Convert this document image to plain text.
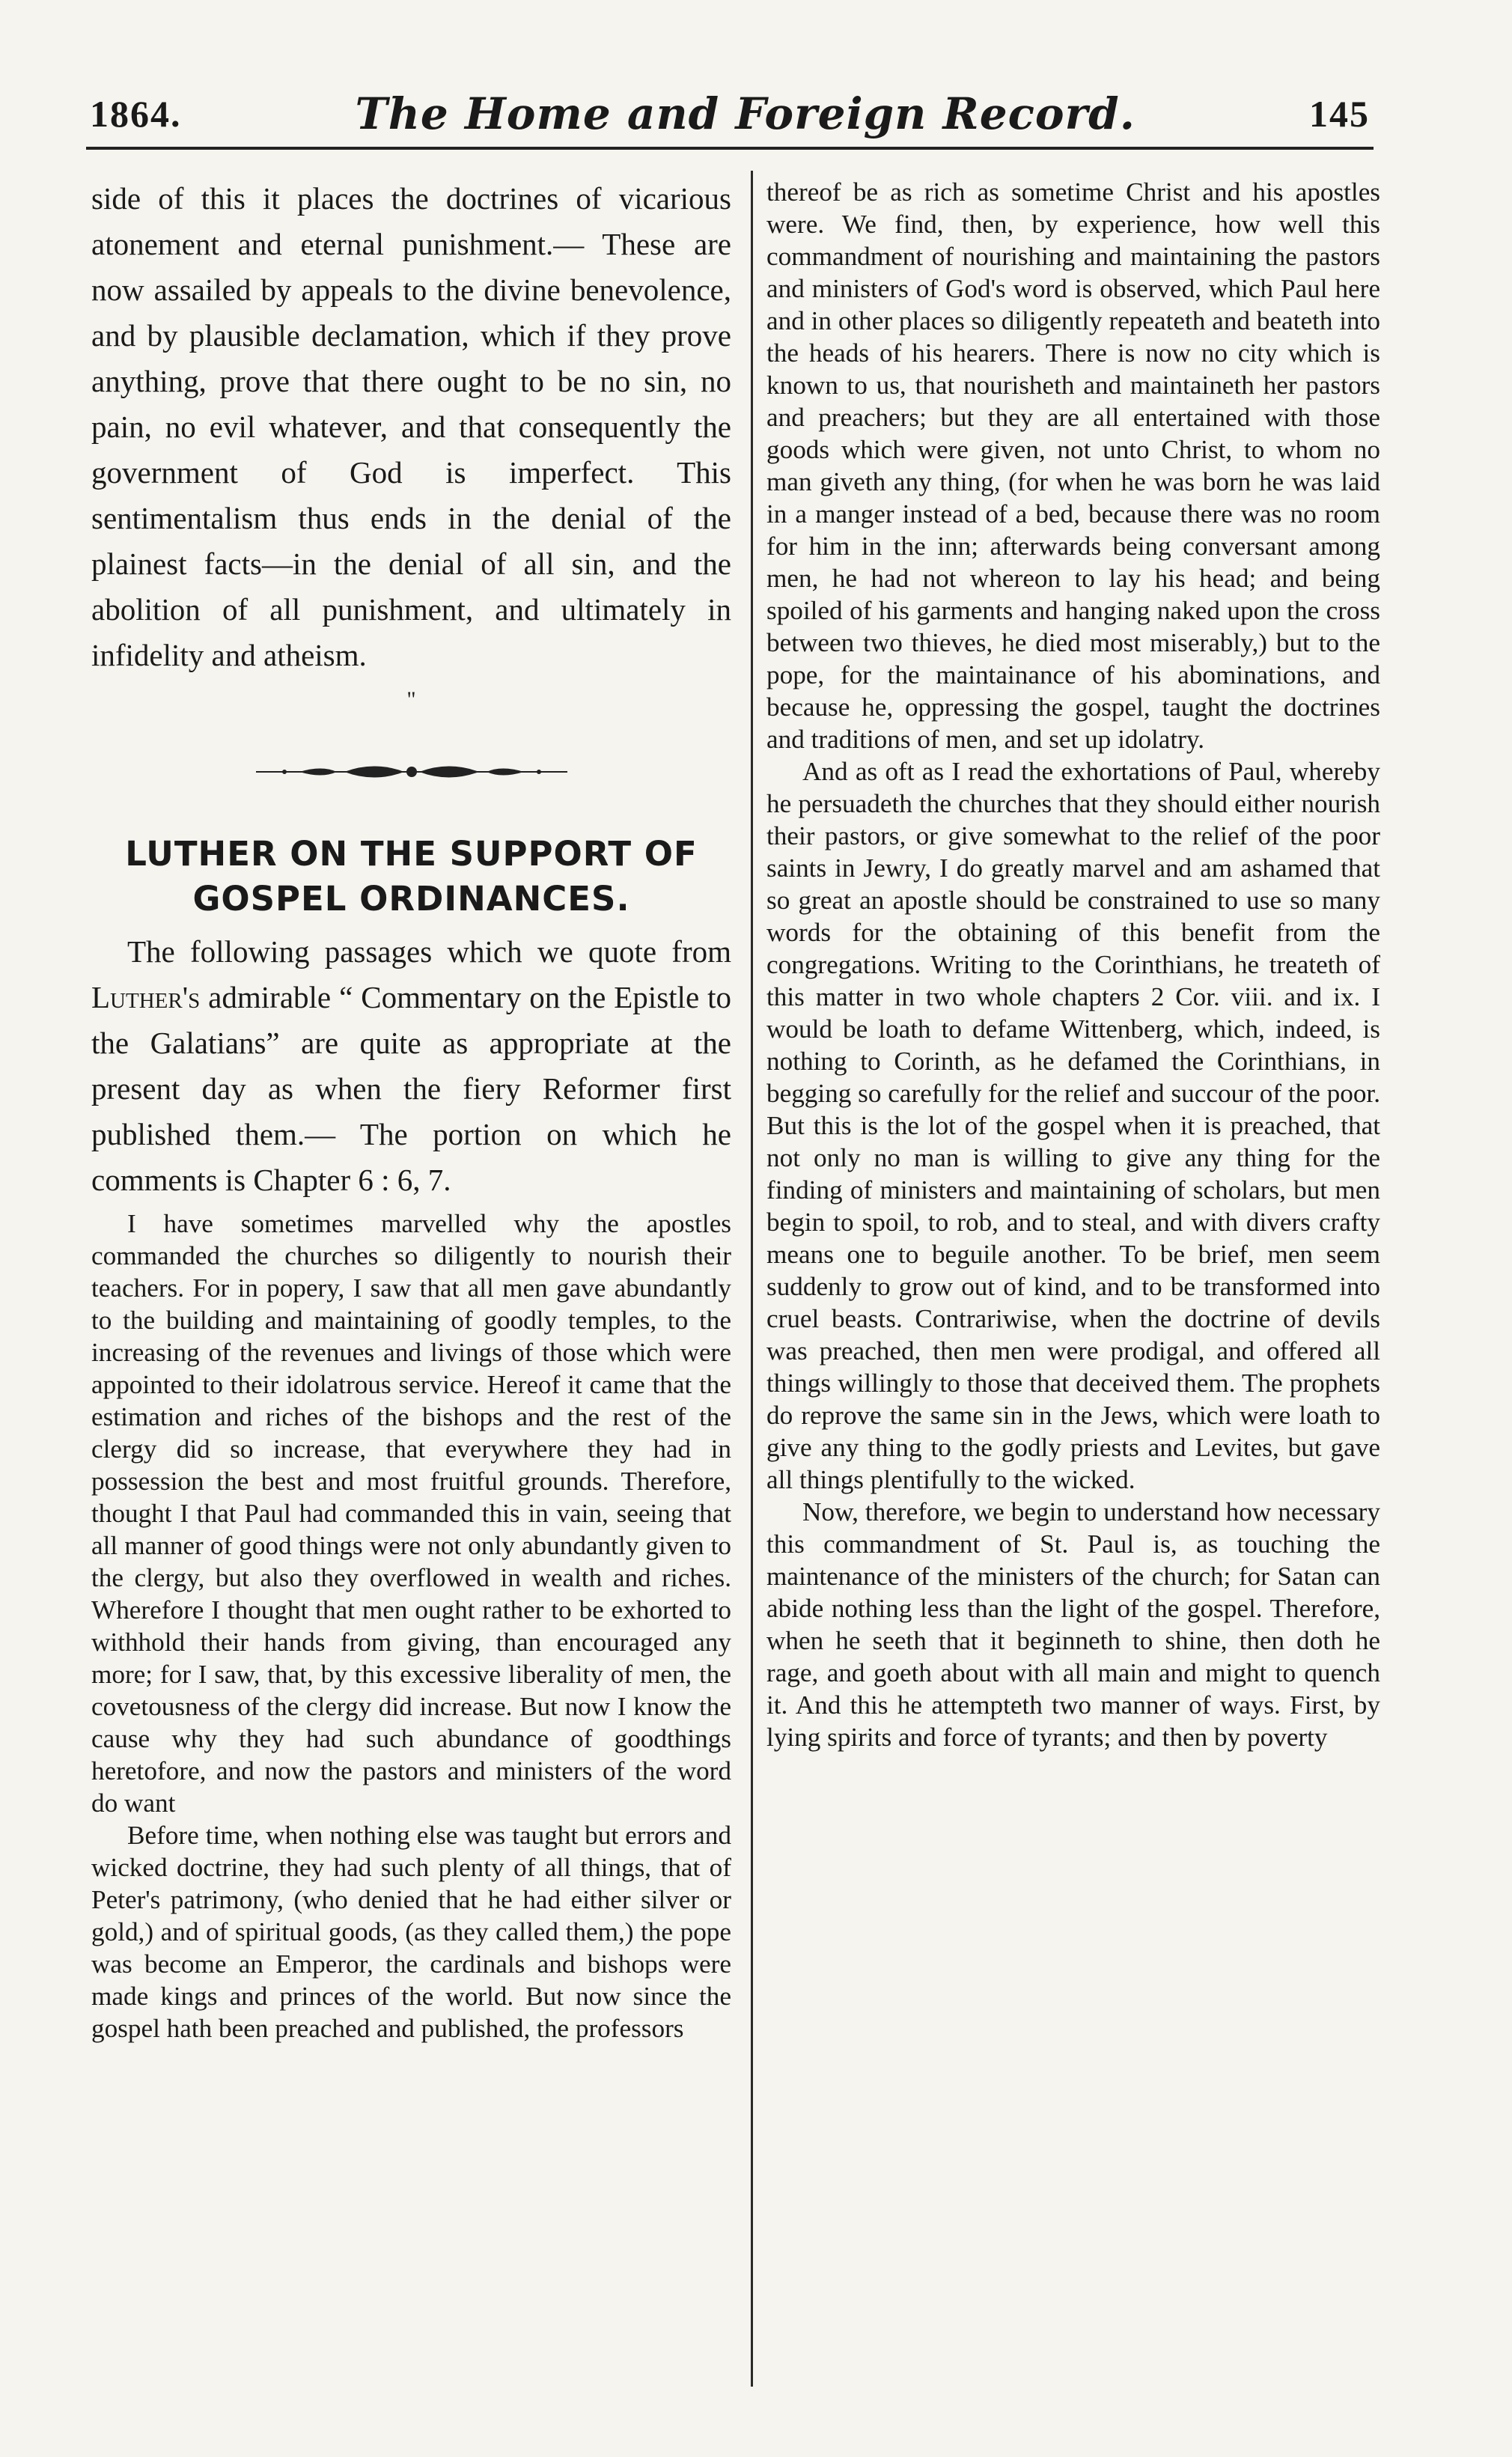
1864.	The Home and Foreign Record.	145

side of this it places the doctrines of vicarious atonement and eternal punishment.— These are now assailed by appeals to the divine benevolence, and by plausible declamation, which if they prove anything, prove that there ought to be no sin, no pain, no evil whatever, and that consequently the government of God is imperfect. This sentimentalism thus ends in the denial of the plainest facts—in the denial of all sin, and the abolition of all punishment, and ultimately in infidelity and atheism.

"
LUTHER ON THE SUPPORT OF GOSPEL ORDINANCES.

The following passages which we quote from Luther's admirable “ Commentary on the Epistle to the Galatians” are quite as appropriate at the present day as when the fiery Reformer first published them.— The portion on which he comments is Chapter 6 : 6, 7.

I have sometimes marvelled why the apostles commanded the churches so diligently to nourish their teachers. For in popery, I saw that all men gave abundantly to the building and maintaining of goodly temples, to the increasing of the revenues and livings of those which were appointed to their idolatrous service. Hereof it came that the estimation and riches of the bishops and the rest of the clergy did so increase, that everywhere they had in possession the best and most fruitful grounds. Therefore, thought I that Paul had commanded this in vain, seeing that all manner of good things were not only abundantly given to the clergy, but also they overflowed in wealth and riches. Wherefore I thought that men ought rather to be exhorted to withhold their hands from giving, than encouraged any more; for I saw, that, by this excessive liberality of men, the covetousness of the clergy did increase. But now I know the cause why they had such abundance of goodthings heretofore, and now the pastors and ministers of the word do want

Before time, when nothing else was taught but errors and wicked doctrine, they had such plenty of all things, that of Peter's patrimony, (who denied that he had either silver or gold,) and of spiritual goods, (as they called them,) the pope was become an Emperor, the cardinals and bishops were made kings and princes of the world. But now since the gospel hath been preached and published, the professors

thereof be as rich as sometime Christ and his apostles were. We find, then, by experience, how well this commandment of nourishing and maintaining the pastors and ministers of God's word is observed, which Paul here and in other places so diligently repeateth and beateth into the heads of his hearers. There is now no city which is known to us, that nourisheth and maintaineth her pastors and preachers; but they are all entertained with those goods which were given, not unto Christ, to whom no man giveth any thing, (for when he was born he was laid in a manger instead of a bed, because there was no room for him in the inn; afterwards being conversant among men, he had not whereon to lay his head; and being spoiled of his garments and hanging naked upon the cross between two thieves, he died most miserably,) but to the pope, for the maintainance of his abominations, and because he, oppressing the gospel, taught the doctrines and traditions of men, and set up idolatry.

And as oft as I read the exhortations of Paul, whereby he persuadeth the churches that they should either nourish their pastors, or give somewhat to the relief of the poor saints in Jewry, I do greatly marvel and am ashamed that so great an apostle should be constrained to use so many words for the obtaining of this benefit from the congregations. Writing to the Corinthians, he treateth of this matter in two whole chapters 2 Cor. viii. and ix. I would be loath to defame Wittenberg, which, indeed, is nothing to Corinth, as he defamed the Corinthians, in begging so carefully for the relief and succour of the poor. But this is the lot of the gospel when it is preached, that not only no man is willing to give any thing for the finding of ministers and maintaining of scholars, but men begin to spoil, to rob, and to steal, and with divers crafty means one to beguile another. To be brief, men seem suddenly to grow out of kind, and to be transformed into cruel beasts. Contrariwise, when the doctrine of devils was preached, then men were prodigal, and offered all things willingly to those that deceived them. The prophets do reprove the same sin in the Jews, which were loath to give any thing to the godly priests and Levites, but gave all things plentifully to the wicked.

Now, therefore, we begin to understand how necessary this commandment of St. Paul is, as touching the maintenance of the ministers of the church; for Satan can abide nothing less than the light of the gospel. Therefore, when he seeth that it beginneth to shine, then doth he rage, and goeth about with all main and might to quench it. And this he attempteth two manner of ways. First, by lying spirits and force of tyrants; and then by poverty
